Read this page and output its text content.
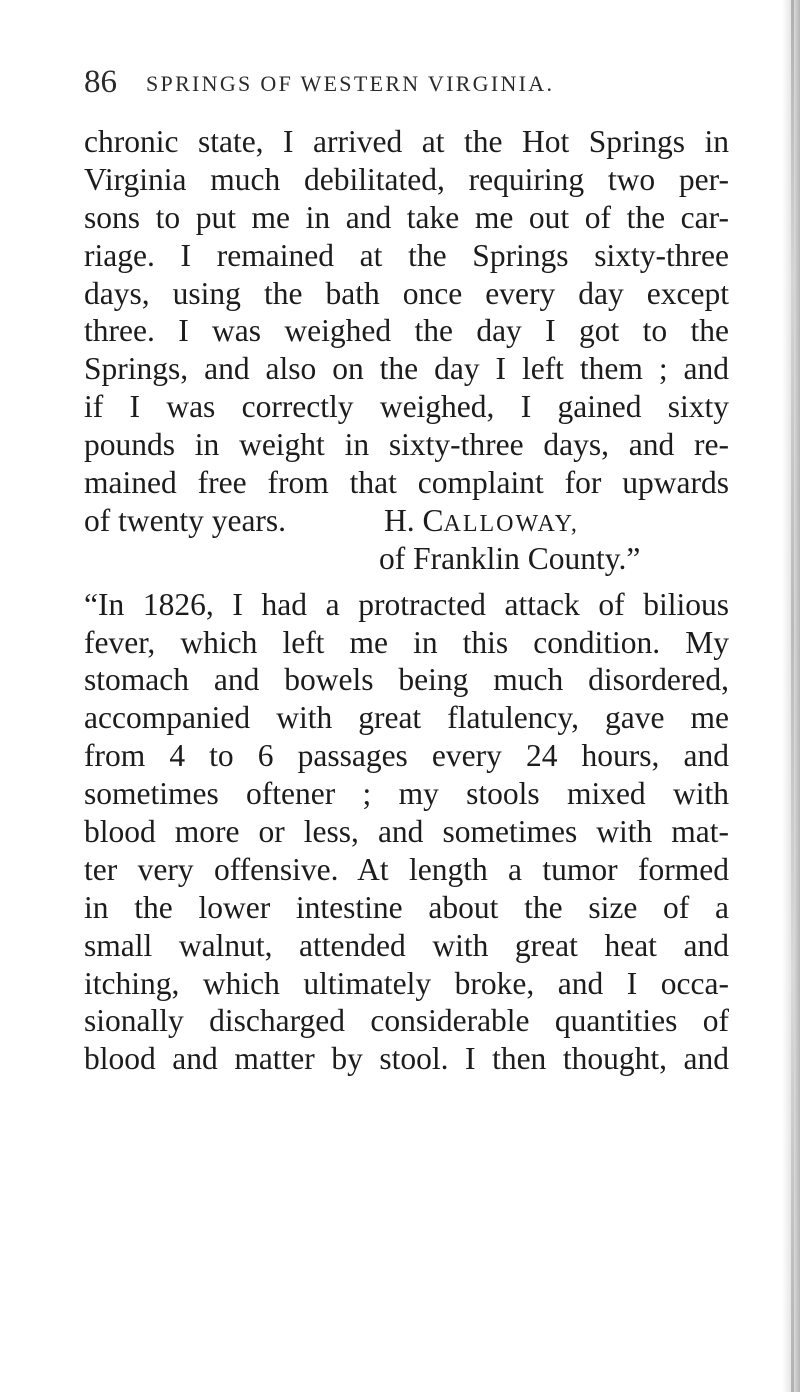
86 SPRINGS OF WESTERN VIRGINIA.
chronic state, I arrived at the Hot Springs in
Virginia much debilitated, requiring two per-
sons to put me in and take me out of the car-
riage. I remained at the Springs sixty-three
days, using the bath once every day except
three. I was weighed the day I got to the
Springs, and also on the day I left them ; and
if I was correctly weighed, I gained sixty
pounds in weight in sixty-three days, and re-
mained free from that complaint for upwards
of twenty years.	H. CALLOWAY,
of Franklin County.”
“In 1826, I had a protracted attack of bilious
fever, which left me in this condition. My
stomach and bowels being much disordered,
accompanied with great flatulency, gave me
from 4 to 6 passages every 24 hours, and
sometimes oftener ; my stools mixed with
blood more or less, and sometimes with mat-
ter very offensive. At length a tumor formed
in the lower intestine about the size of a
small walnut, attended with great heat and
itching, which ultimately broke, and I occa-
sionally discharged considerable quantities of
blood and matter by stool. I then thought, and
